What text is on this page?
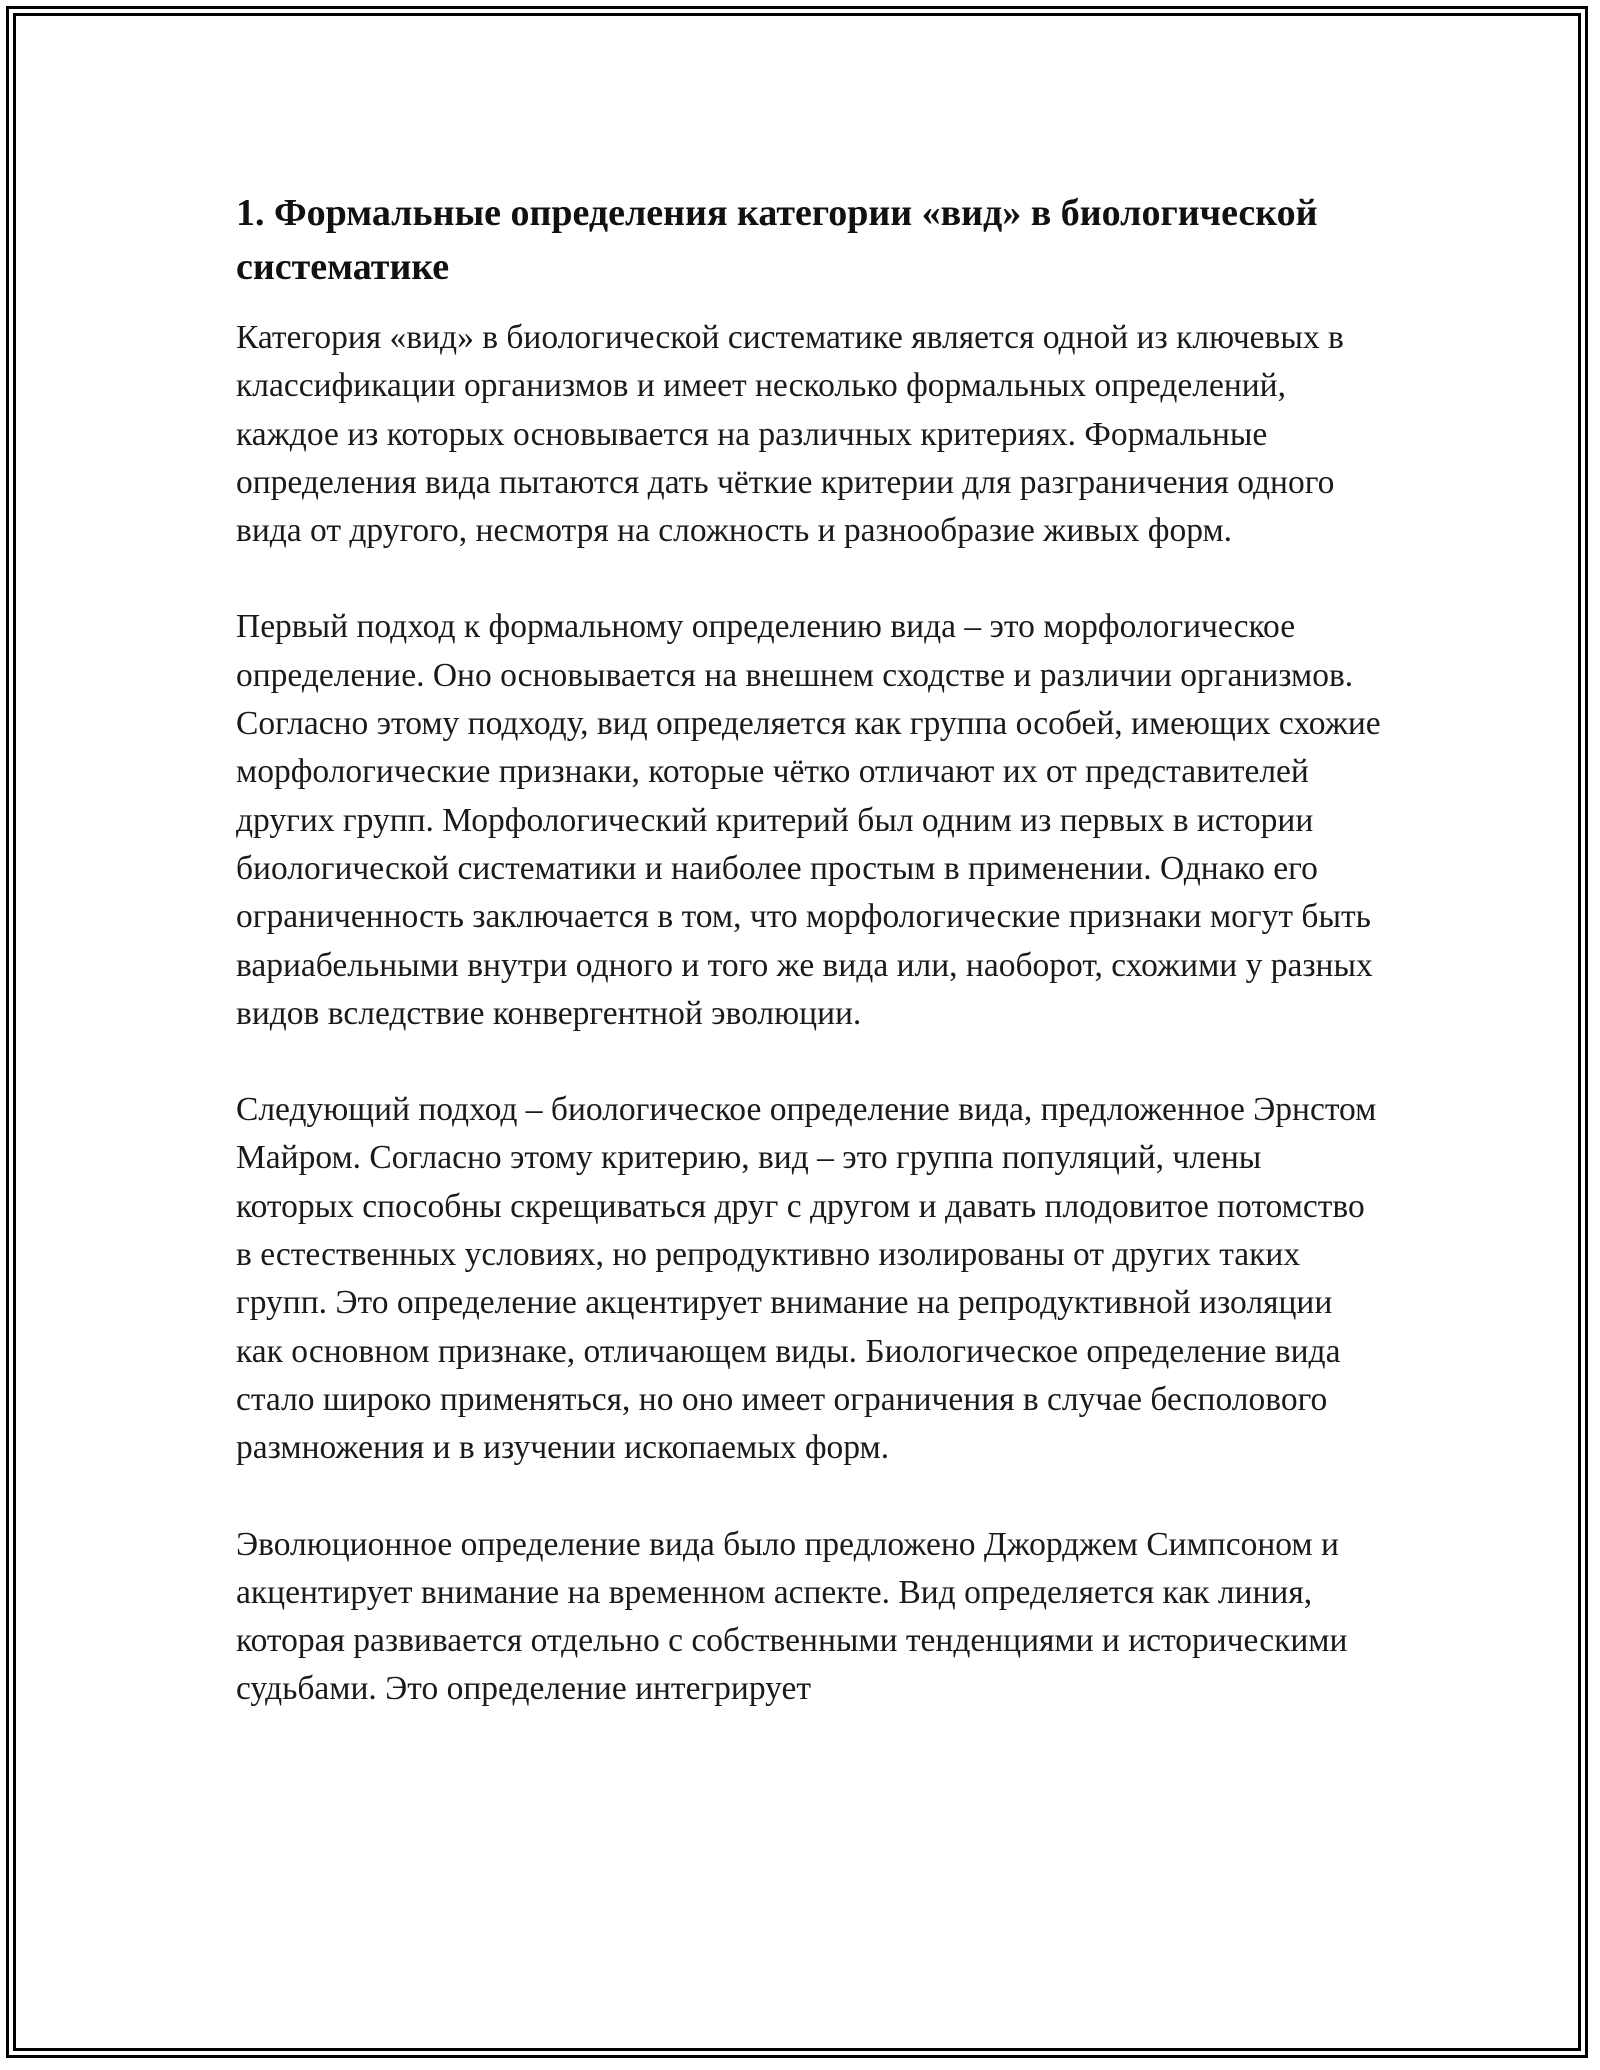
1. Формальные определения категории «вид» в биологической систематике

Категория «вид» в биологической систематике является одной из ключевых в классификации организмов и имеет несколько формальных определений, каждое из которых основывается на различных критериях. Формальные определения вида пытаются дать чёткие критерии для разграничения одного вида от другого, несмотря на сложность и разнообразие живых форм.

Первый подход к формальному определению вида – это морфологическое определение. Оно основывается на внешнем сходстве и различии организмов. Согласно этому подходу, вид определяется как группа особей, имеющих схожие морфологические признаки, которые чётко отличают их от представителей других групп. Морфологический критерий был одним из первых в истории биологической систематики и наиболее простым в применении. Однако его ограниченность заключается в том, что морфологические признаки могут быть вариабельными внутри одного и того же вида или, наоборот, схожими у разных видов вследствие конвергентной эволюции.

Следующий подход – биологическое определение вида, предложенное Эрнстом Майром. Согласно этому критерию, вид – это группа популяций, члены которых способны скрещиваться друг с другом и давать плодовитое потомство в естественных условиях, но репродуктивно изолированы от других таких групп. Это определение акцентирует внимание на репродуктивной изоляции как основном признаке, отличающем виды. Биологическое определение вида стало широко применяться, но оно имеет ограничения в случае бесполового размножения и в изучении ископаемых форм.

Эволюционное определение вида было предложено Джорджем Симпсоном и акцентирует внимание на временном аспекте. Вид определяется как линия, которая развивается отдельно с собственными тенденциями и историческими судьбами. Это определение интегрирует
